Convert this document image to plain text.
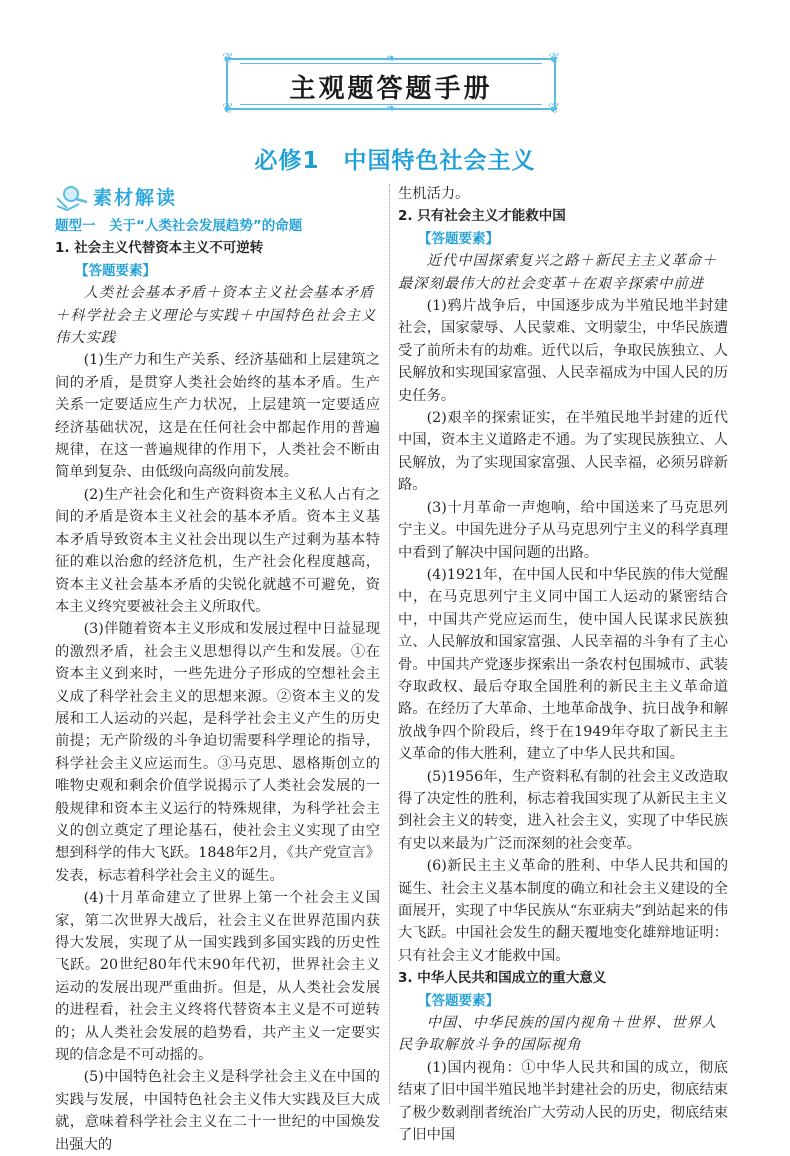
❦	❦
❦	❦
❧
❧
主观题答题手册
必修1　中国特色社会主义
素材解读

题型一　关于“人类社会发展趋势”的命题

1. 社会主义代替资本主义不可逆转

【答题要素】

人类社会基本矛盾＋资本主义社会基本矛盾＋科学社会主义理论与实践＋中国特色社会主义伟大实践

(1)生产力和生产关系、经济基础和上层建筑之间的矛盾，是贯穿人类社会始终的基本矛盾。生产关系一定要适应生产力状况，上层建筑一定要适应经济基础状况，这是在任何社会中都起作用的普遍规律，在这一普遍规律的作用下，人类社会不断由简单到复杂、由低级向高级向前发展。

(2)生产社会化和生产资料资本主义私人占有之间的矛盾是资本主义社会的基本矛盾。资本主义基本矛盾导致资本主义社会出现以生产过剩为基本特征的难以治愈的经济危机，生产社会化程度越高，资本主义社会基本矛盾的尖锐化就越不可避免，资本主义终究要被社会主义所取代。

(3)伴随着资本主义形成和发展过程中日益显现的激烈矛盾，社会主义思想得以产生和发展。①在资本主义到来时，一些先进分子形成的空想社会主义成了科学社会主义的思想来源。②资本主义的发展和工人运动的兴起，是科学社会主义产生的历史前提；无产阶级的斗争迫切需要科学理论的指导，科学社会主义应运而生。③马克思、恩格斯创立的唯物史观和剩余价值学说揭示了人类社会发展的一般规律和资本主义运行的特殊规律，为科学社会主义的创立奠定了理论基石，使社会主义实现了由空想到科学的伟大飞跃。1848年2月，《共产党宣言》发表，标志着科学社会主义的诞生。

(4)十月革命建立了世界上第一个社会主义国家，第二次世界大战后，社会主义在世界范围内获得大发展，实现了从一国实践到多国实践的历史性飞跃。20世纪80年代末90年代初，世界社会主义运动的发展出现严重曲折。但是，从人类社会发展的进程看，社会主义终将代替资本主义是不可逆转的；从人类社会发展的趋势看，共产主义一定要实现的信念是不可动摇的。

(5)中国特色社会主义是科学社会主义在中国的实践与发展，中国特色社会主义伟大实践及巨大成就，意味着科学社会主义在二十一世纪的中国焕发出强大的

生机活力。

2. 只有社会主义才能救中国

【答题要素】

近代中国探索复兴之路＋新民主主义革命＋最深刻最伟大的社会变革＋在艰辛探索中前进

(1)鸦片战争后，中国逐步成为半殖民地半封建社会，国家蒙辱、人民蒙难、文明蒙尘，中华民族遭受了前所未有的劫难。近代以后，争取民族独立、人民解放和实现国家富强、人民幸福成为中国人民的历史任务。

(2)艰辛的探索证实，在半殖民地半封建的近代中国，资本主义道路走不通。为了实现民族独立、人民解放，为了实现国家富强、人民幸福，必须另辟新路。

(3)十月革命一声炮响，给中国送来了马克思列宁主义。中国先进分子从马克思列宁主义的科学真理中看到了解决中国问题的出路。

(4)1921年，在中国人民和中华民族的伟大觉醒中，在马克思列宁主义同中国工人运动的紧密结合中，中国共产党应运而生，使中国人民谋求民族独立、人民解放和国家富强、人民幸福的斗争有了主心骨。中国共产党逐步探索出一条农村包围城市、武装夺取政权、最后夺取全国胜利的新民主主义革命道路。在经历了大革命、土地革命战争、抗日战争和解放战争四个阶段后，终于在1949年夺取了新民主主义革命的伟大胜利，建立了中华人民共和国。

(5)1956年，生产资料私有制的社会主义改造取得了决定性的胜利，标志着我国实现了从新民主主义到社会主义的转变，进入社会主义，实现了中华民族有史以来最为广泛而深刻的社会变革。

(6)新民主主义革命的胜利、中华人民共和国的诞生、社会主义基本制度的确立和社会主义建设的全面展开，实现了中华民族从“东亚病夫”到站起来的伟大飞跃。中国社会发生的翻天覆地变化雄辩地证明：只有社会主义才能救中国。

3. 中华人民共和国成立的重大意义

【答题要素】

中国、中华民族的国内视角＋世界、世界人民争取解放斗争的国际视角

(1)国内视角：①中华人民共和国的成立，彻底结束了旧中国半殖民地半封建社会的历史，彻底结束了极少数剥削者统治广大劳动人民的历史，彻底结束了旧中国
